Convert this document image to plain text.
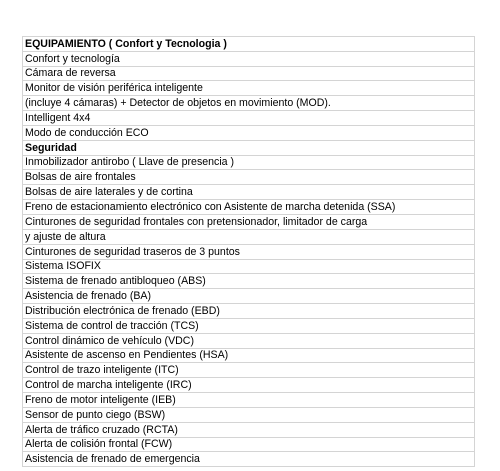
EQUIPAMIENTO ( Confort y Tecnologia )
Confort y tecnología
Cámara de reversa
Monitor de visión periférica inteligente
(incluye 4 cámaras) + Detector de objetos en movimiento (MOD).
Intelligent 4x4
Modo de conducción ECO
Seguridad
Inmobilizador antirobo ( Llave de presencia )
Bolsas de aire frontales
Bolsas de aire laterales y de cortina
Freno de estacionamiento electrónico con Asistente de marcha detenida (SSA)
Cinturones de seguridad frontales con pretensionador, limitador de carga
y ajuste de altura
Cinturones de seguridad traseros de 3 puntos
Sistema ISOFIX
Sistema de frenado antibloqueo (ABS)
Asistencia de frenado (BA)
Distribución electrónica de frenado (EBD)
Sistema de control de tracción (TCS)
Control dinámico de vehículo (VDC)
Asistente de ascenso en Pendientes (HSA)
Control de trazo inteligente (ITC)
Control de marcha inteligente (IRC)
Freno de motor inteligente (IEB)
Sensor de punto ciego (BSW)
Alerta de tráfico cruzado (RCTA)
Alerta de colisión frontal (FCW)
Asistencia de frenado de emergencia
